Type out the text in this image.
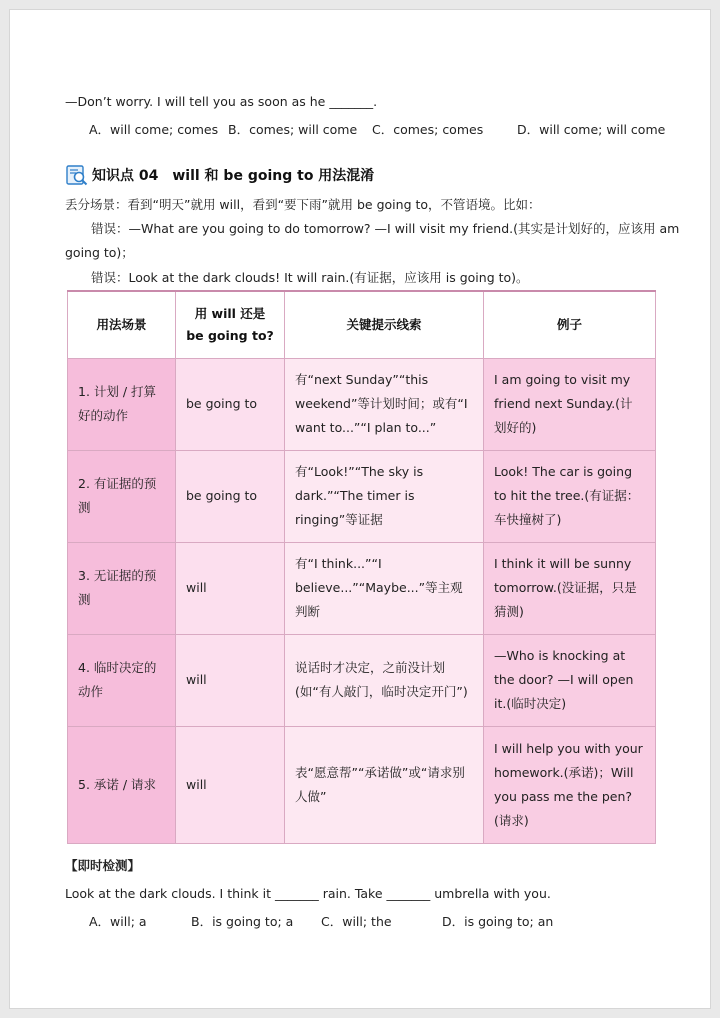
—Don’t worry. I will tell you as soon as he _______.
A．will come; comes B．comes; will come C．comes; comes	D．will come; will come
知识点 04　will 和 be going to 用法混淆
丢分场景：看到“明天”就用 will，看到“要下雨”就用 be going to，不管语境。比如：
错误：—What are you going to do tomorrow? —I will visit my friend.(其实是计划好的，应该用 am
going to)；
错误：Look at the dark clouds! It will rain.(有证据，应该用 is going to)。
用法场景	用 will 还是
be going to?	关键提示线索	例子
1. 计划 / 打算好的动作	be going to	有“next Sunday”“this weekend”等计划时间；或有“I want to...”“I plan to...”	I am going to visit my friend next Sunday.(计划好的)
2. 有证据的预测	be going to	有“Look!”“The sky is dark.”“The timer is ringing”等证据	Look! The car is going to hit the tree.(有证据：车快撞树了)
3. 无证据的预测	will	有“I think...”“I believe...”“Maybe...”等主观判断	I think it will be sunny tomorrow.(没证据，只是猜测)
4. 临时决定的动作	will	说话时才决定，之前没计划(如“有人敲门，临时决定开门”)	—Who is knocking at the door? —I will open it.(临时决定)
5. 承诺 / 请求	will	表“愿意帮”“承诺做”或“请求别人做”	I will help you with your homework.(承诺)；Will you pass me the pen?(请求)
【即时检测】
Look at the dark clouds. I think it _______ rain. Take _______ umbrella with you.
A．will; a	B．is going to; a C．will; the	D．is going to; an
